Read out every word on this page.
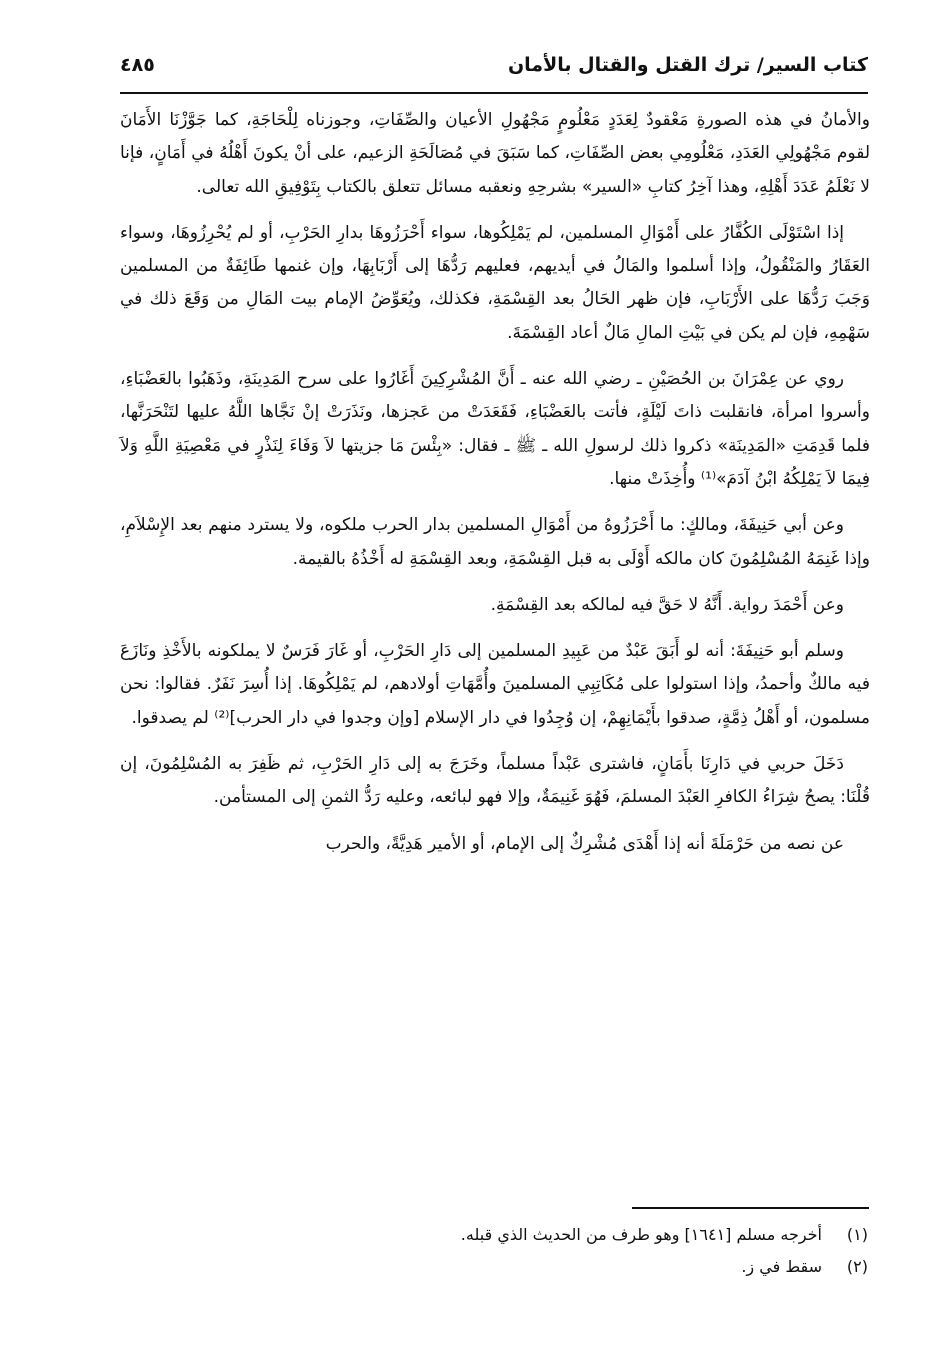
كتاب السير/ ترك القتل والقتال بالأمان
٤٨٥

والأمانُ في هذه الصورةِ مَعْقودٌ لِعَدَدٍ مَعْلُومٍ مَجْهُولِ الأعيان والصِّفَاتِ، وجوزناه لِلْحَاجَةِ، كما جَوَّزْنَا الأَمَانَ لقوم مَجْهُولِي العَدَدِ، مَعْلُومِي بعض الصِّفَاتِ، كما سَبَقَ في مُصَالَحَةِ الزعيم، على أنْ يكونَ أَهْلُهُ في أَمَانٍ، فإنا لا نَعْلَمُ عَدَدَ أَهْلِهِ، وهذا آخِرُ كتابِ «السير» بشرحِهِ ونعقبه مسائل تتعلق بالكتاب بِتَوْفِيقِ الله تعالى.

إذا اسْتَوْلَى الكُفَّارُ على أَمْوَالِ المسلمين، لم يَمْلِكُوها، سواء أَحْرَزُوهَا بدارِ الحَرْبِ، أو لم يُحْرِزُوهَا، وسواء العَقَارُ والمَنْقُولُ، وإذا أسلموا والمَالُ في أيديهم، فعليهم رَدُّهَا إلى أَرْبَابِهَا، وإن غنمها طَائِفَةٌ من المسلمين وَجَبَ رَدُّهَا على الأَرْبَابِ، فإن ظهر الحَالُ بعد القِسْمَةِ، فكذلك، ويُعَوِّضُ الإمام بيت المَالِ من وَقَعَ ذلك في سَهْمِهِ، فإن لم يكن في بَيْتِ المالِ مَالٌ أعاد القِسْمَةَ.

روي عن عِمْرَانَ بن الحُصَيْنِ ـ رضي الله عنه ـ أَنَّ المُشْرِكِينَ أَغَارُوا على سرح المَدِينَةِ، وذَهَبُوا بالعَضْبَاءِ، وأسروا امرأة، فانقلبت ذاتَ لَيْلَةٍ، فأتت بالعَضْبَاءِ، فَقَعَدَتْ من عَجزها، ونَذَرَتْ إنْ نَجَّاها اللَّهُ عليها لتَنْحَرَنَّها، فلما قَدِمَتِ «المَدِينَة» ذكروا ذلك لرسولِ الله ـ ﷺ ـ فقال: «بِئْسَ مَا جزيتها لاَ وَفَاءَ لِنَذْرٍ في مَعْصِيَةِ اللَّهِ وَلاَ فِيمَا لاَ يَمْلِكُهُ ابْنُ آدَمَ»⁽¹⁾ وأُخِذَتْ منها.

وعن أبي حَنِيفَةَ، ومالكٍ: ما أَحْرَزُوهُ من أَمْوَالِ المسلمين بدار الحرب ملكوه، ولا يسترد منهم بعد الإِسْلاَمِ، وإذا غَنِمَهُ المُسْلِمُونَ كان مالكه أَوْلَى به قبل القِسْمَةِ، وبعد القِسْمَةِ له أَخْذُهُ بالقيمة.

وعن أَحْمَدَ رواية. أَنَّهُ لا حَقَّ فيه لمالكه بعد القِسْمَةِ.

وسلم أبو حَنِيفَةَ: أنه لو أَبَقَ عَبْدٌ من عَبِيدِ المسلمين إلى دَارِ الحَرْبِ، أو غَارَ فَرَسٌ لا يملكونه بالأَخْذِ ونَازَعَ فيه مالكٌ وأحمدُ، وإذا استولوا على مُكَاتِبِي المسلمينَ وأُمَّهَاتِ أولادهم، لم يَمْلِكُوهَا. إذا أُسِرَ نَفَرٌ. فقالوا: نحن مسلمون، أو أَهْلُ ذِمَّةٍ، صدقوا بأَيْمَانِهِمْ، إن وُجِدُوا في دار الإسلام [وإن وجدوا في دار الحرب]⁽²⁾ لم يصدقوا.

دَخَلَ حربي في دَارِنَا بأَمَانٍ، فاشترى عَبْداً مسلماً، وخَرَجَ به إلى دَارِ الحَرْبِ، ثم ظَفِرَ به المُسْلِمُونَ، إن قُلْنَا: يصحُ شِرَاءُ الكافرِ العَبْدَ المسلمَ، فَهُوَ غَنِيمَةٌ، وإلا فهو لبائعه، وعليه رَدُّ الثمنِ إلى المستأمن.

عن نصه من حَرْمَلَةَ أنه إذا أَهْدَى مُشْرِكٌ إلى الإمام، أو الأمير هَدِيَّةً، والحرب

(١)أخرجه مسلم [١٦٤١] وهو طرف من الحديث الذي قبله.
(٢)سقط في ز.
